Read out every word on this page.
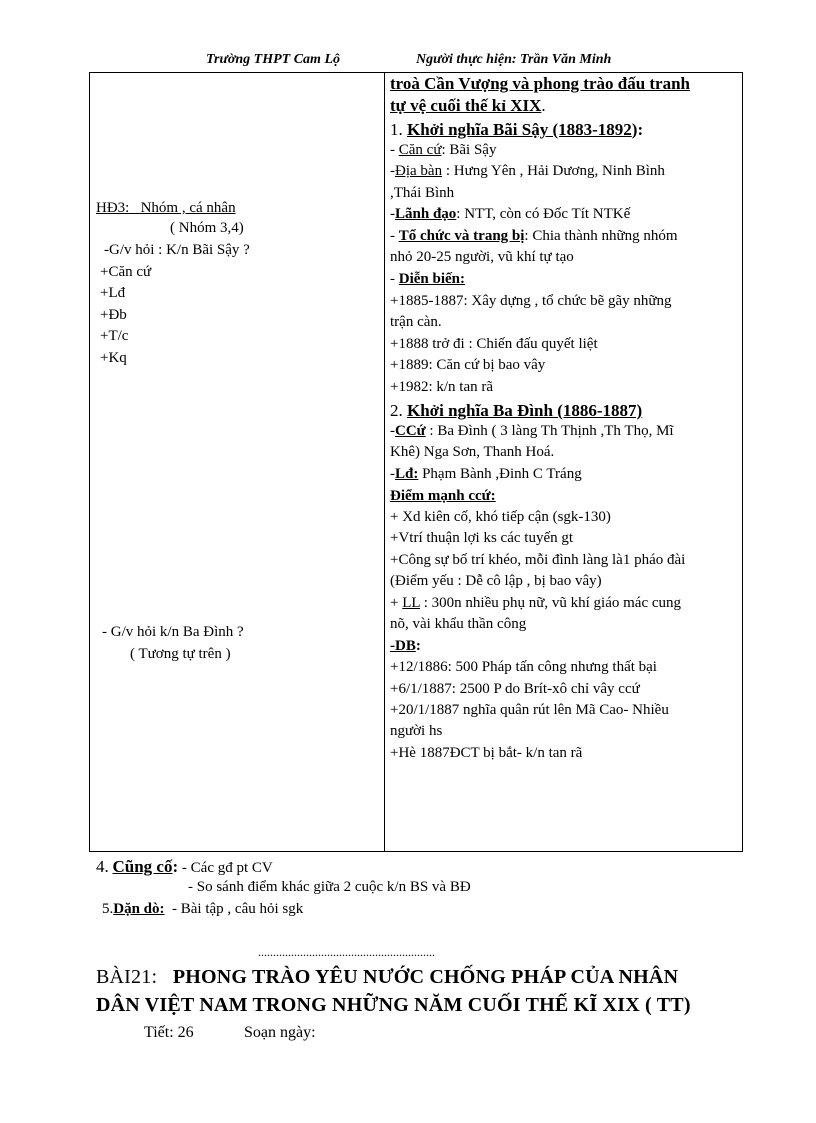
Trường THPT Cam Lộ	Người thực hiện: Trần Văn Minh
HĐ3: Nhóm , cá nhân
( Nhóm 3,4)
-G/v hỏi : K/n Bãi Sậy ?
+Căn cứ
+Lđ
+Đb
+T/c
+Kq
- G/v hỏi k/n Ba Đình ?
( Tương tự trên )
troà Cần Vượng và phong trào đấu tranh
tự vệ cuối thế kỉ XIX.
1. Khởi nghĩa Bãi Sậy (1883-1892):
- Căn cứ: Bãi Sậy
-Địa bàn : Hưng Yên , Hải Dương, Ninh Bình
,Thái Bình
-Lãnh đạo: NTT, còn có Đốc Tít NTKế
- Tổ chức và trang bị: Chia thành những nhóm
nhỏ 20-25 người, vũ khí tự tạo
- Diễn biến:
+1885-1887: Xây dựng , tổ chức bẽ gãy những
trận càn.
+1888 trở đi : Chiến đấu quyết liệt
+1889: Căn cứ bị bao vây
+1982: k/n tan rã
2. Khởi nghĩa Ba Đình (1886-1887)
-CCứ : Ba Đình ( 3 làng Th Thịnh ,Th Thọ, Mĩ
Khê) Nga Sơn, Thanh Hoá.
-Lđ: Phạm Bành ,Đinh C Tráng
Điểm mạnh ccứ:
+ Xd kiên cố, khó tiếp cận (sgk-130)
+Vtrí thuận lợi ks các tuyến gt
+Công sự bố trí khéo, mỗi đình làng là1 pháo đài
(Điểm yếu : Dễ cô lập , bị bao vây)
+ LL : 300n nhiều phụ nữ, vũ khí giáo mác cung
nõ, vài khẩu thần công
-DB:
+12/1886: 500 Pháp tấn công nhưng thất bại
+6/1/1887: 2500 P do Brít-xô chỉ vây ccứ
+20/1/1887 nghĩa quân rút lên Mã Cao- Nhiều
người hs
+Hè 1887ĐCT bị bắt- k/n tan rã
4. Cũng cố: - Các gđ pt CV
- So sánh điểm khác giữa 2 cuộc k/n BS và BĐ
5.Dặn dò: - Bài tập , câu hỏi sgk
...........................................................
BÀI21: PHONG TRÀO YÊU NƯỚC CHỐNG PHÁP CỦA NHÂN
DÂN VIỆT NAM TRONG NHỮNG NĂM CUỐI THẾ KĨ XIX ( TT)
Tiết: 26	Soạn ngày:
